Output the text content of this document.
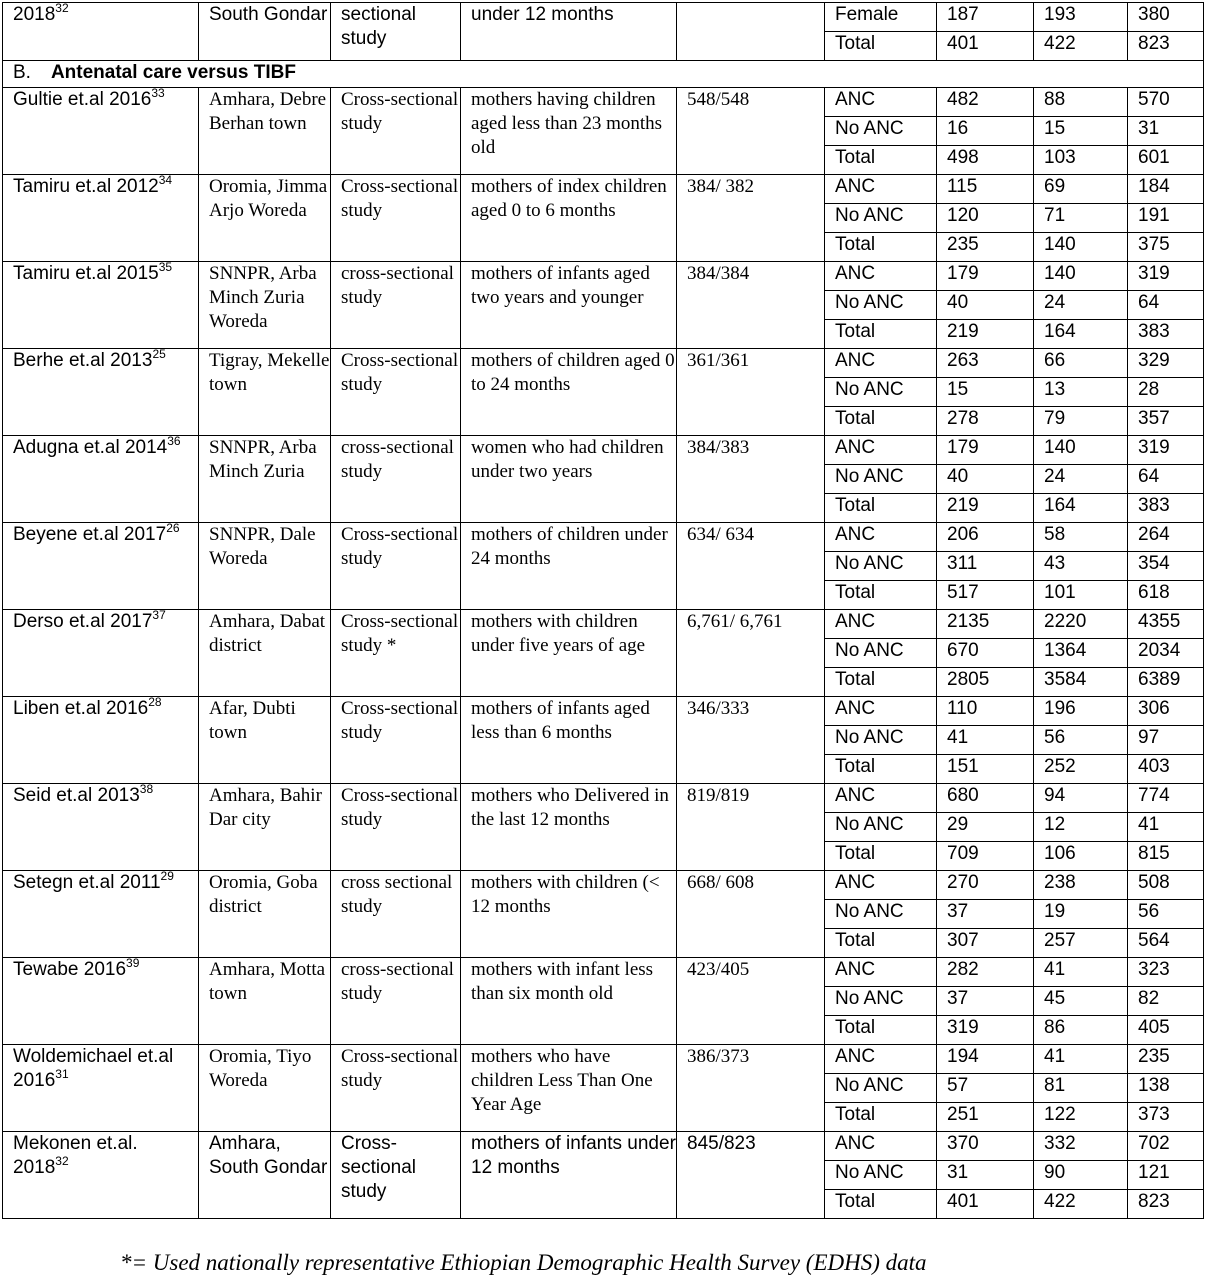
2018$^{32}$	South Gondar	sectional study	under 12 months		Female	187	193	380
					Total	401	422	823
B. Antenatal care versus TIBF								
Gultie et.al 2016$^{33}$	Amhara, Debre Berhan town	Cross-sectional study	mothers having children aged less than 23 months old	548/548	ANC	482	88	570
					No ANC	16	15	31
					Total	498	103	601
Tamiru et.al 2012$^{34}$	Oromia, Jimma Arjo Woreda	Cross-sectional study	mothers of index children aged 0 to 6 months	384/ 382	ANC	115	69	184
					No ANC	120	71	191
					Total	235	140	375
Tamiru et.al 2015$^{35}$	SNNPR, Arba Minch Zuria Woreda	cross-sectional study	mothers of infants aged two years and younger	384/384	ANC	179	140	319
					No ANC	40	24	64
					Total	219	164	383
Berhe et.al 2013$^{25}$	Tigray, Mekelle town	Cross-sectional study	mothers of children aged 0 to 24 months	361/361	ANC	263	66	329
					No ANC	15	13	28
					Total	278	79	357
Adugna et.al 2014$^{36}$	SNNPR, Arba Minch Zuria	cross-sectional study	women who had children under two years	384/383	ANC	179	140	319
					No ANC	40	24	64
					Total	219	164	383
Beyene et.al 2017$^{26}$	SNNPR, Dale Woreda	Cross-sectional study	mothers of children under 24 months	634/ 634	ANC	206	58	264
					No ANC	311	43	354
					Total	517	101	618
Derso et.al 2017$^{37}$	Amhara, Dabat district	Cross-sectional study *	mothers with children under five years of age	6,761/ 6,761	ANC	2135	2220	4355
					No ANC	670	1364	2034
					Total	2805	3584	6389
Liben et.al 2016$^{28}$	Afar, Dubti town	Cross-sectional study	mothers of infants aged less than 6 months	346/333	ANC	110	196	306
					No ANC	41	56	97
					Total	151	252	403
Seid et.al 2013$^{38}$	Amhara, Bahir Dar city	Cross-sectional study	mothers who Delivered in the last 12 months	819/819	ANC	680	94	774
					No ANC	29	12	41
					Total	709	106	815
Setegn et.al 2011$^{29}$	Oromia, Goba district	cross sectional study	mothers with children (< 12 months	668/ 608	ANC	270	238	508
					No ANC	37	19	56
					Total	307	257	564
Tewabe 2016$^{39}$	Amhara, Motta town	cross-sectional study	mothers with infant less than six month old	423/405	ANC	282	41	323
					No ANC	37	45	82
					Total	319	86	405
Woldemichael et.al 2016$^{31}$	Oromia, Tiyo Woreda	Cross-sectional study	mothers who have children Less Than One Year Age	386/373	ANC	194	41	235
					No ANC	57	81	138
					Total	251	122	373
Mekonen et.al. 2018$^{32}$	Amhara, South Gondar	Cross-sectional study	mothers of infants under 12 months	845/823	ANC	370	332	702
					No ANC	31	90	121
					Total	401	422	823
*= Used nationally representative Ethiopian Demographic Health Survey (EDHS) data
